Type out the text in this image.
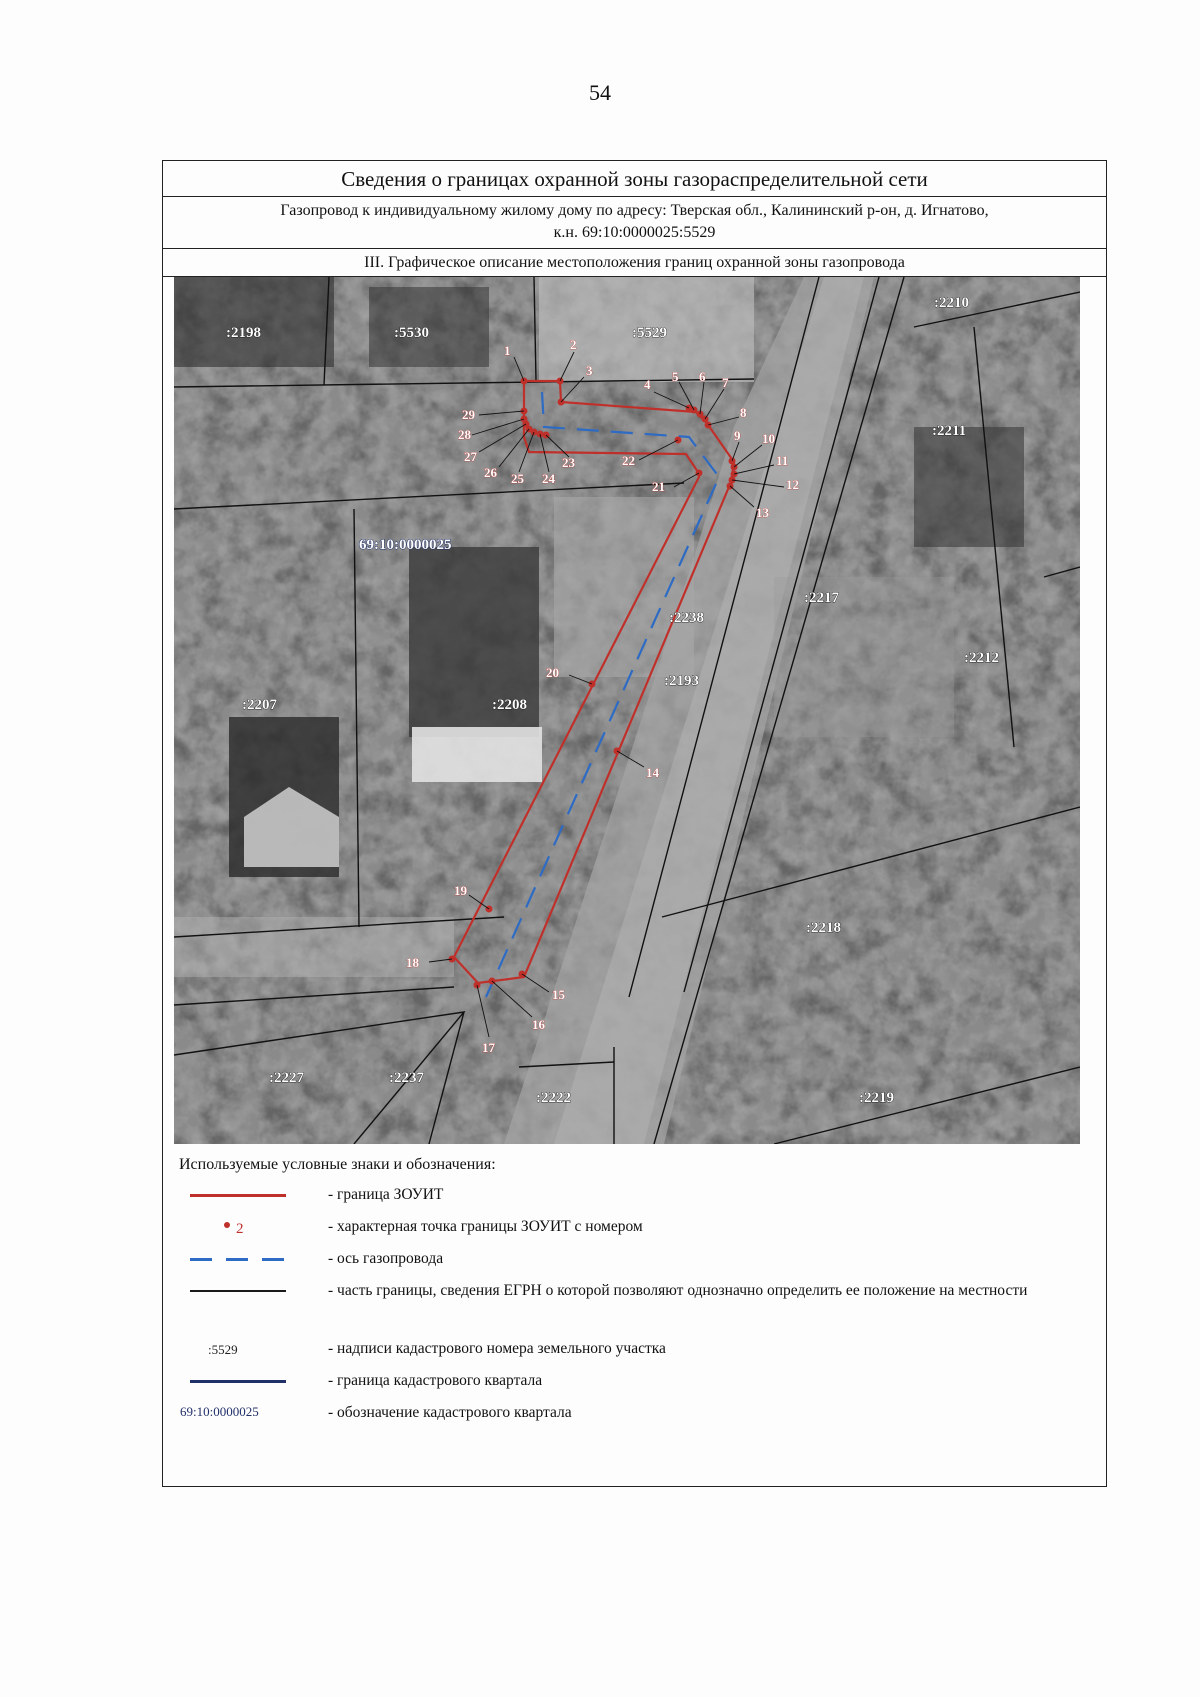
54
Сведения о границах охранной зоны газораспределительной сети
Газопровод к индивидуальному жилому дому по адресу: Тверская обл., Калининский р-он, д. Игнатово,
к.н. 69:10:0000025:5529
III. Графическое описание местоположения границ охранной зоны газопровода
1	2
3
4
5 6 7
8
9 10
11
12
13
14
15
16
17
18
19
20
21
22
23
24
25
26
27
28
29
:2198	:5530	:5529
:2210
:2211
:2217
:2212
:2238
:2193
:2208
:2207
:2218
:2227	:2237
:2222	:2219
69:10:0000025
Используемые условные знаки и обозначения:
- граница ЗОУИТ
2	- характерная точка границы ЗОУИТ с номером
- ось газопровода
- часть границы, сведения ЕГРН о которой позволяют однозначно определить ее положение на местности
:5529	- надписи кадастрового номера земельного участка
- граница кадастрового квартала
69:10:0000025	- обозначение кадастрового квартала
